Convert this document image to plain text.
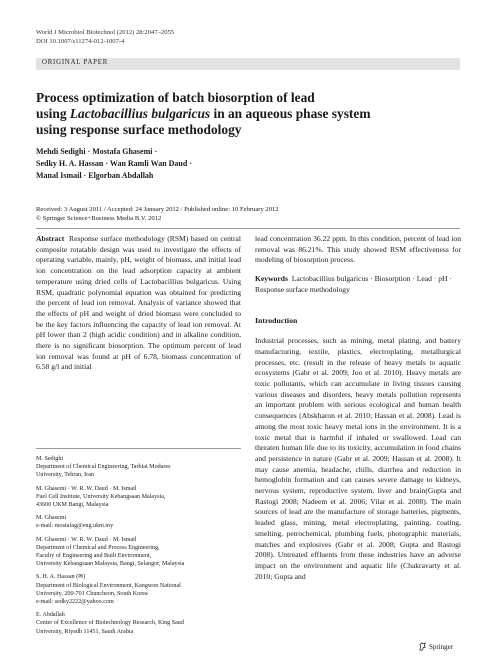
World J Microbiol Biotechnol (2012) 28:2047–2055
DOI 10.1007/s11274-012-1007-4
ORIGINAL PAPER
Process optimization of batch biosorption of lead
using Lactobacillius bulgaricus in an aqueous phase system
using response surface methodology
Mehdi Sedighi · Mostafa Ghasemi ·
Sedky H. A. Hassan · Wan Ramli Wan Daud ·
Manal Ismail · Elgorban Abdallah
Received: 3 August 2011 / Accepted: 24 January 2012 / Published online: 10 February 2012
© Springer Science+Business Media B.V. 2012
Abstract Response surface methodology (RSM) based on central composite rotatable design was used to investigate the effects of operating variable, mainly, pH, weight of biomass, and initial lead ion concentration on the lead adsorption capacity at ambient temperature using dried cells of Lactobacillius bulgaricus. Using RSM, quadratic polynomial equation was obtained for predicting the percent of lead ion removal. Analysis of variance showed that the effects of pH and weight of dried biomass were concluded to be the key factors influencing the capacity of lead ion removal. At pH lower than 2 (high acidic condition) and in alkaline condition, there is no significant biosorption. The optimum percent of lead ion removal was found at pH of 6.78, biomass concentration of 6.58 g/l and initial
M. Sedighi
Department of Chemical Engineering, Tarbiat Modares
University, Tehran, Iran
M. Ghasemi · W. R. W. Daud · M. Ismail
Fuel Cell Institute, University Kebangsaan Malaysia,
43600 UKM Bangi, Malaysia
M. Ghasemi
e-mail: mostafag@eng.ukm.my
M. Ghasemi · W. R. W. Daud · M. Ismail
Department of Chemical and Process Engineering,
Faculty of Engineering and Built Environment,
University Kebangsaan Malaysia, Bangi, Selangor, Malaysia
S. H. A. Hassan (✉)
Department of Biological Environment, Kangwon National
University, 200-701 Chuncheon, South Korea
e-mail: sedky2222@yahoo.com
E. Abdallah
Center of Excellence of Biotechnology Research, King Saud
University, Riyadh 11451, Saudi Arabia
lead concentration 36.22 ppm. In this condition, percent of lead ion removal was 86.21%. This study showed RSM effectiveness for modeling of biosorption process.
Keywords Lactobacillius bulgaricus · Biosorption · Lead · pH · Response surface methodology
Introduction
Industrial processes, such as mining, metal plating, and battery manufacturing, textile, plastics, electroplating, metallurgical processes, etc. (result in the release of heavy metals to aquatic ecosystems (Gabr et al. 2009; Joo et al. 2010). Heavy metals are toxic pollutants, which can accumulate in living tissues causing various diseases and disorders, heavy metals pollution represents an important problem with serious ecological and human health consequences (Abskharon et al. 2010; Hassan et al. 2008). Lead is among the most toxic heavy metal ions in the environment. It is a toxic metal that is harmful if inhaled or swallowed. Lead can threaten human life due to its toxicity, accumulation in food chains and persistence in nature (Gabr et al. 2009; Hassan et al. 2008). It may cause anemia, headache, chills, diarrhea and reduction in hemoglobin formation and can causes severe damage to kidneys, nervous system, reproductive system, liver and brain(Gupta and Rastogi 2008; Nadeem et al. 2006; Vilar et al. 2008). The main sources of lead are the manufacture of storage batteries, pigments, leaded glass, mining, metal electroplating, painting, coating, smelting, petrochemical, plumbing fuels, photographic materials, matches and explosives (Gabr et al. 2008; Gupta and Rastogi 2008). Untreated effluents from these industries have an adverse impact on the environment and aquatic life (Chakravarty et al. 2010; Gupta and
Springer
